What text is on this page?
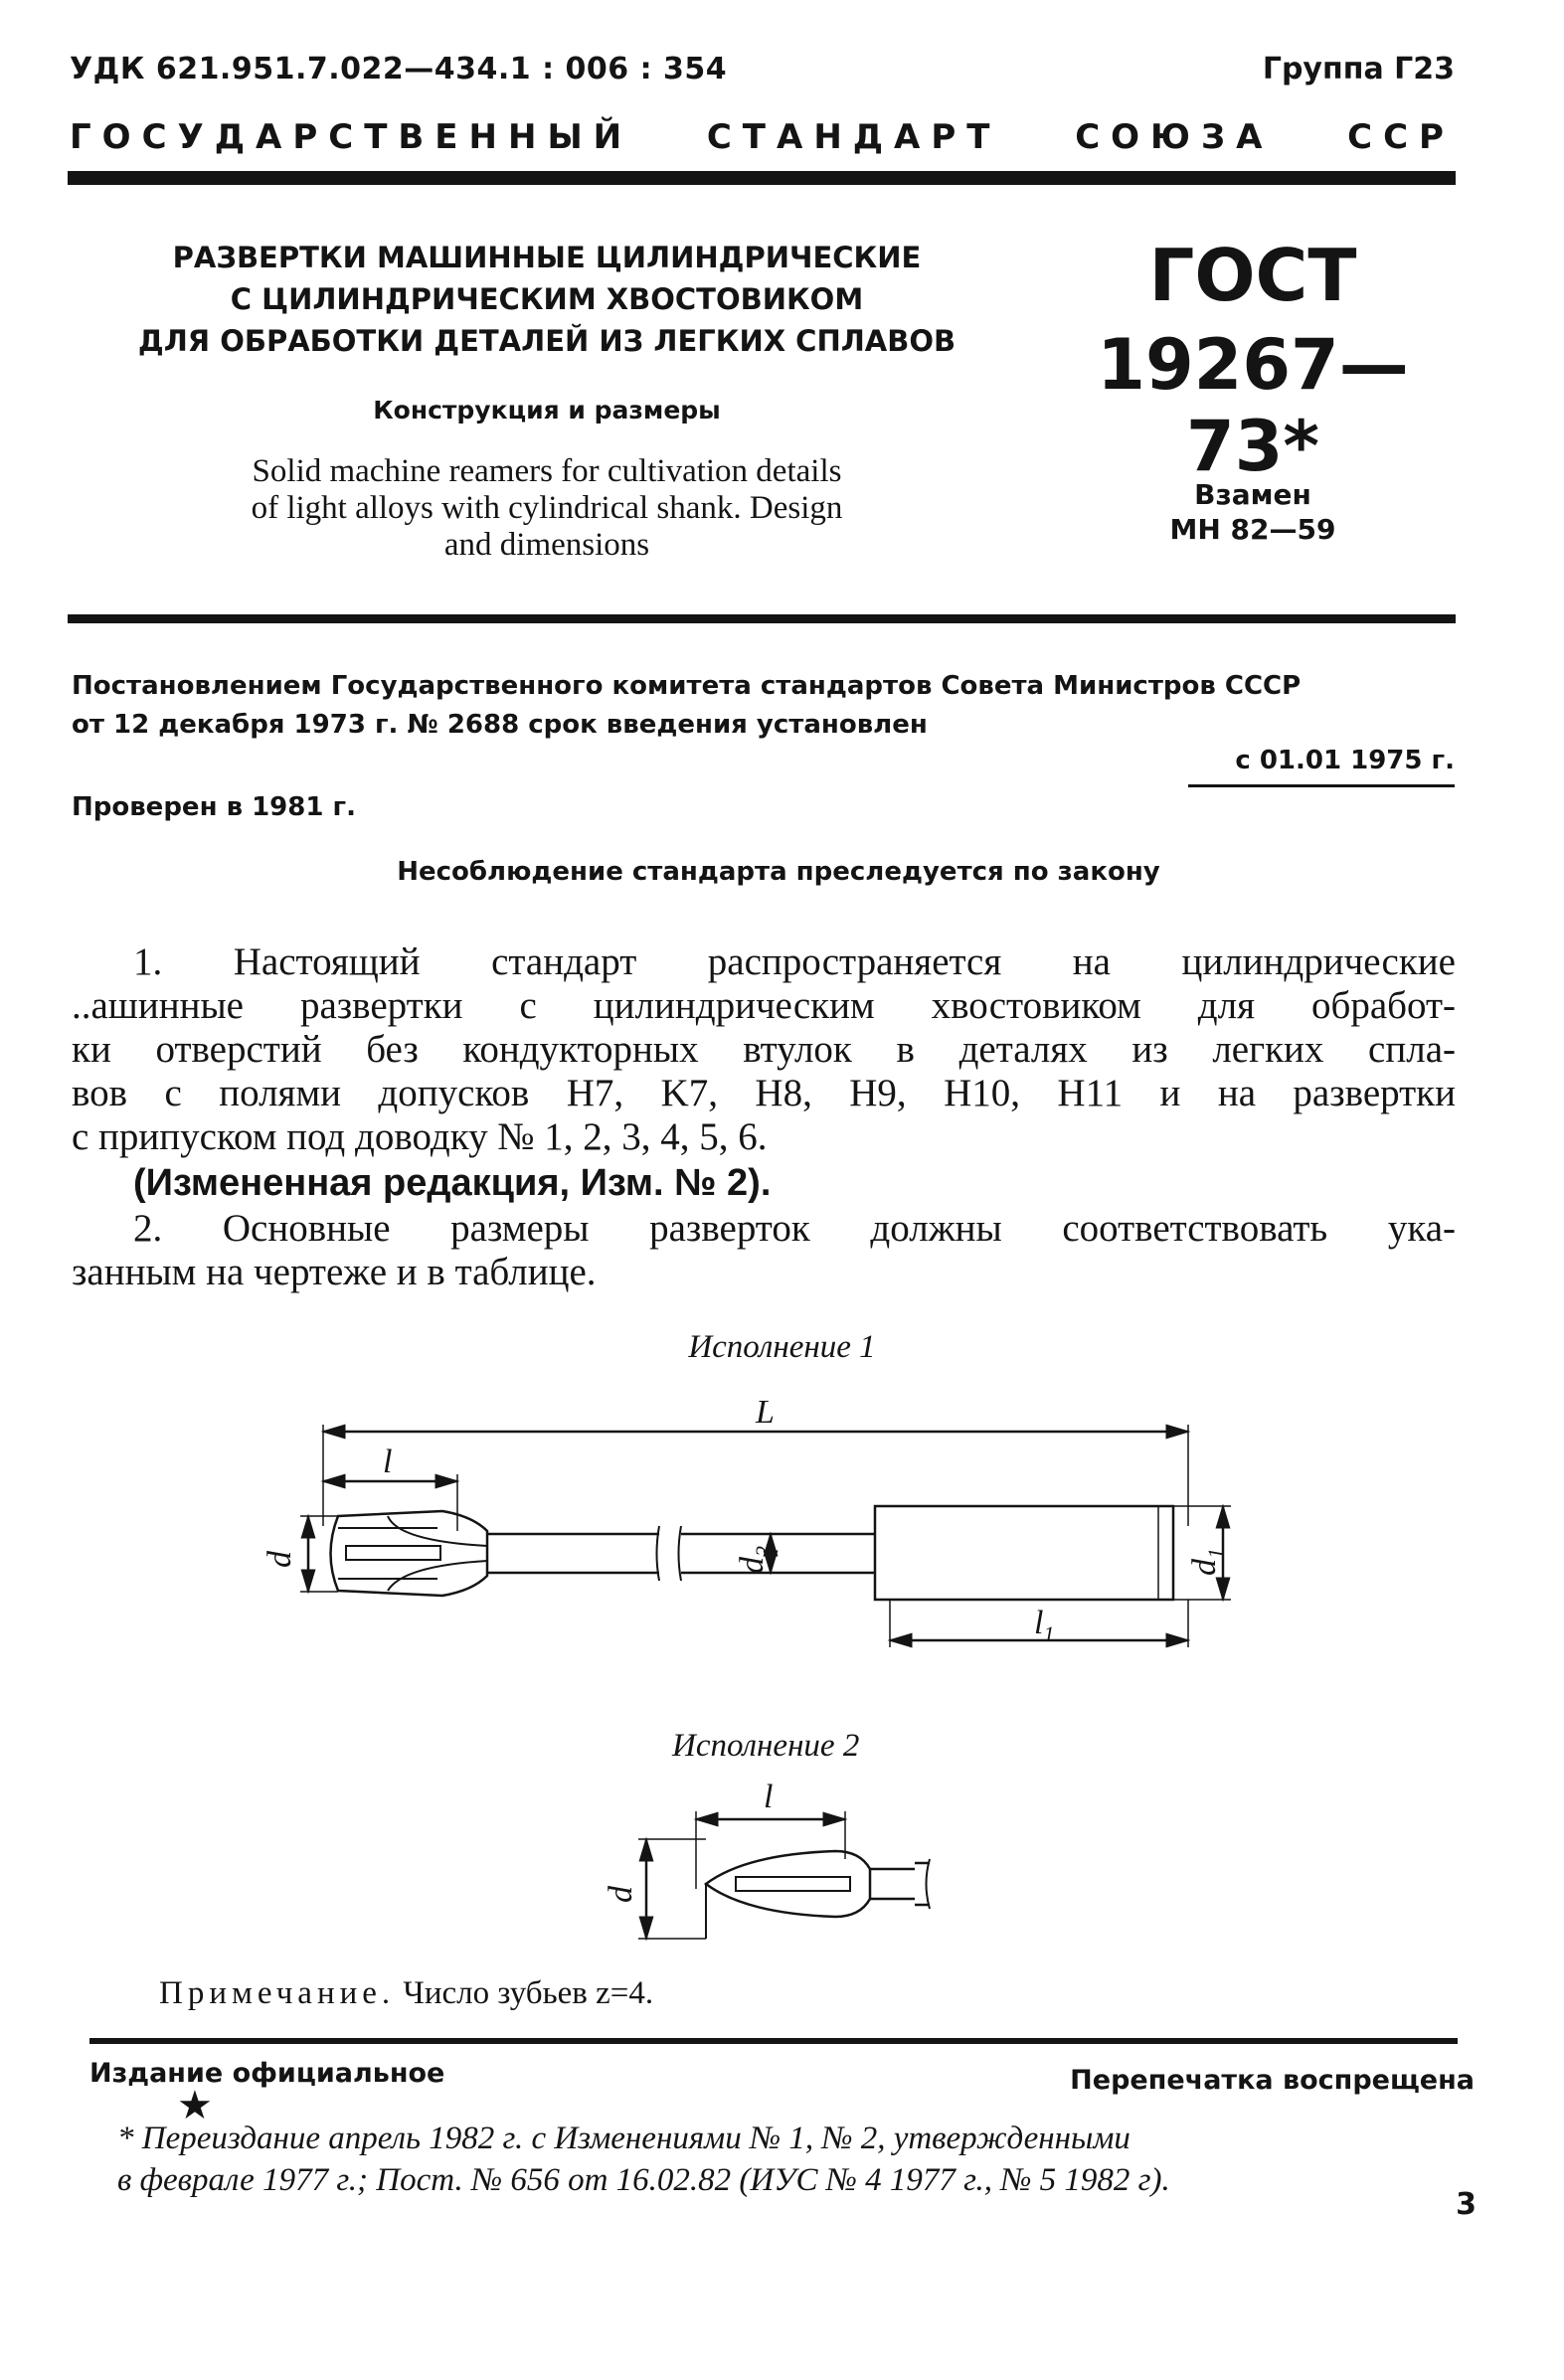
УДК 621.951.7.022—434.1 : 006 : 354	Группа Г23
ГОСУДАРСТВЕННЫЙ СТАНДАРТ СОЮЗА ССР
РАЗВЕРТКИ МАШИННЫЕ ЦИЛИНДРИЧЕСКИЕ
С ЦИЛИНДРИЧЕСКИМ ХВОСТОВИКОМ
ДЛЯ ОБРАБОТКИ ДЕТАЛЕЙ ИЗ ЛЕГКИХ СПЛАВОВ
Конструкция и размеры
Solid machine reamers for cultivation details
of light alloys with cylindrical shank. Design
and dimensions
ГОСТ
19267—73*
Взамен
МН 82—59
Постановлением Государственного комитета стандартов Совета Министров СССР
от 12 декабря 1973 г. № 2688 срок введения установлен
с 01.01 1975 г.
Проверен в 1981 г.
Несоблюдение стандарта преследуется по закону
1. Настоящий стандарт распространяется на цилиндрические
..ашинные развертки с цилиндрическим хвостовиком для обработ-
ки отверстий без кондукторных втулок в деталях из легких спла-
вов с полями допусков H7, K7, H8, H9, H10, H11 и на развертки
с припуском под доводку № 1, 2, 3, 4, 5, 6.
(Измененная редакция, Изм. № 2).
2. Основные размеры разверток должны соответствовать ука-
занным на чертеже и в таблице.
Исполнение 1
L
l
$l_1$
d	$d_2$
$d_1$
Исполнение 2
l
d
Примечание. Число зубьев z=4.
Издание официальное	Перепечатка воспрещена
★
* Переиздание апрель 1982 г. с Изменениями № 1, № 2, утвержденными
в феврале 1977 г.; Пост. № 656 от 16.02.82 (ИУС № 4 1977 г., № 5 1982 г).
3
